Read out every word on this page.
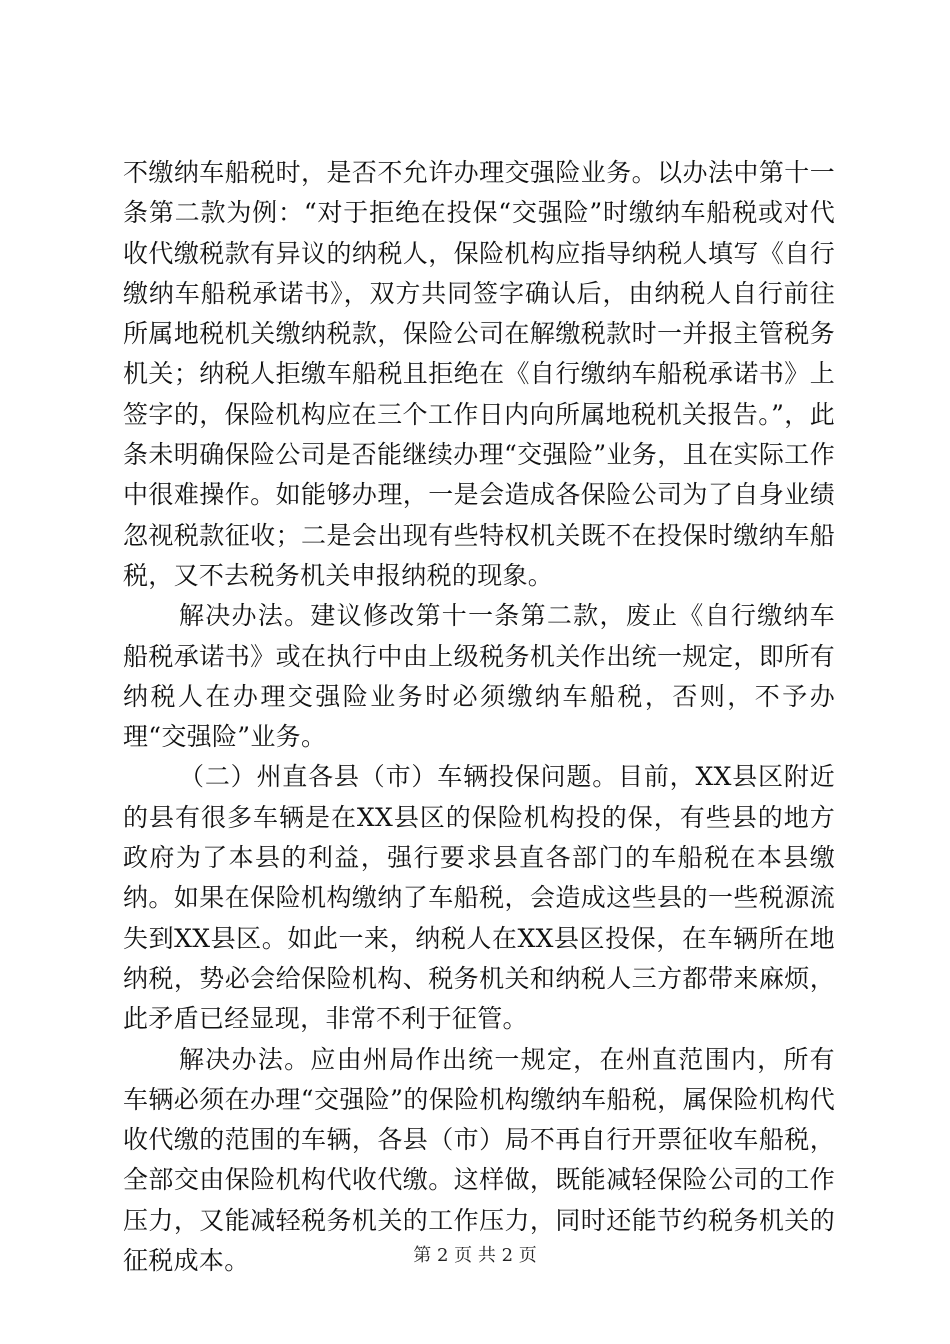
不缴纳车船税时，是否不允许办理交强险业务。以办法中第十一条第二款为例：“对于拒绝在投保“交强险”时缴纳车船税或对代收代缴税款有异议的纳税人，保险机构应指导纳税人填写《自行缴纳车船税承诺书》，双方共同签字确认后，由纳税人自行前往所属地税机关缴纳税款，保险公司在解缴税款时一并报主管税务机关；纳税人拒缴车船税且拒绝在《自行缴纳车船税承诺书》上签字的，保险机构应在三个工作日内向所属地税机关报告。”，此条未明确保险公司是否能继续办理“交强险”业务，且在实际工作中很难操作。如能够办理，一是会造成各保险公司为了自身业绩忽视税款征收；二是会出现有些特权机关既不在投保时缴纳车船税，又不去税务机关申报纳税的现象。

解决办法。建议修改第十一条第二款，废止《自行缴纳车船税承诺书》或在执行中由上级税务机关作出统一规定，即所有纳税人在办理交强险业务时必须缴纳车船税，否则，不予办理“交强险”业务。

（二）州直各县（市）车辆投保问题。目前，XX县区附近的县有很多车辆是在XX县区的保险机构投的保，有些县的地方政府为了本县的利益，强行要求县直各部门的车船税在本县缴纳。如果在保险机构缴纳了车船税，会造成这些县的一些税源流失到XX县区。如此一来，纳税人在XX县区投保，在车辆所在地纳税，势必会给保险机构、税务机关和纳税人三方都带来麻烦，此矛盾已经显现，非常不利于征管。

解决办法。应由州局作出统一规定，在州直范围内，所有车辆必须在办理“交强险”的保险机构缴纳车船税，属保险机构代收代缴的范围的车辆，各县（市）局不再自行开票征收车船税，全部交由保险机构代收代缴。这样做，既能减轻保险公司的工作压力，又能减轻税务机关的工作压力，同时还能节约税务机关的征税成本。	第 2 页 共 2 页
